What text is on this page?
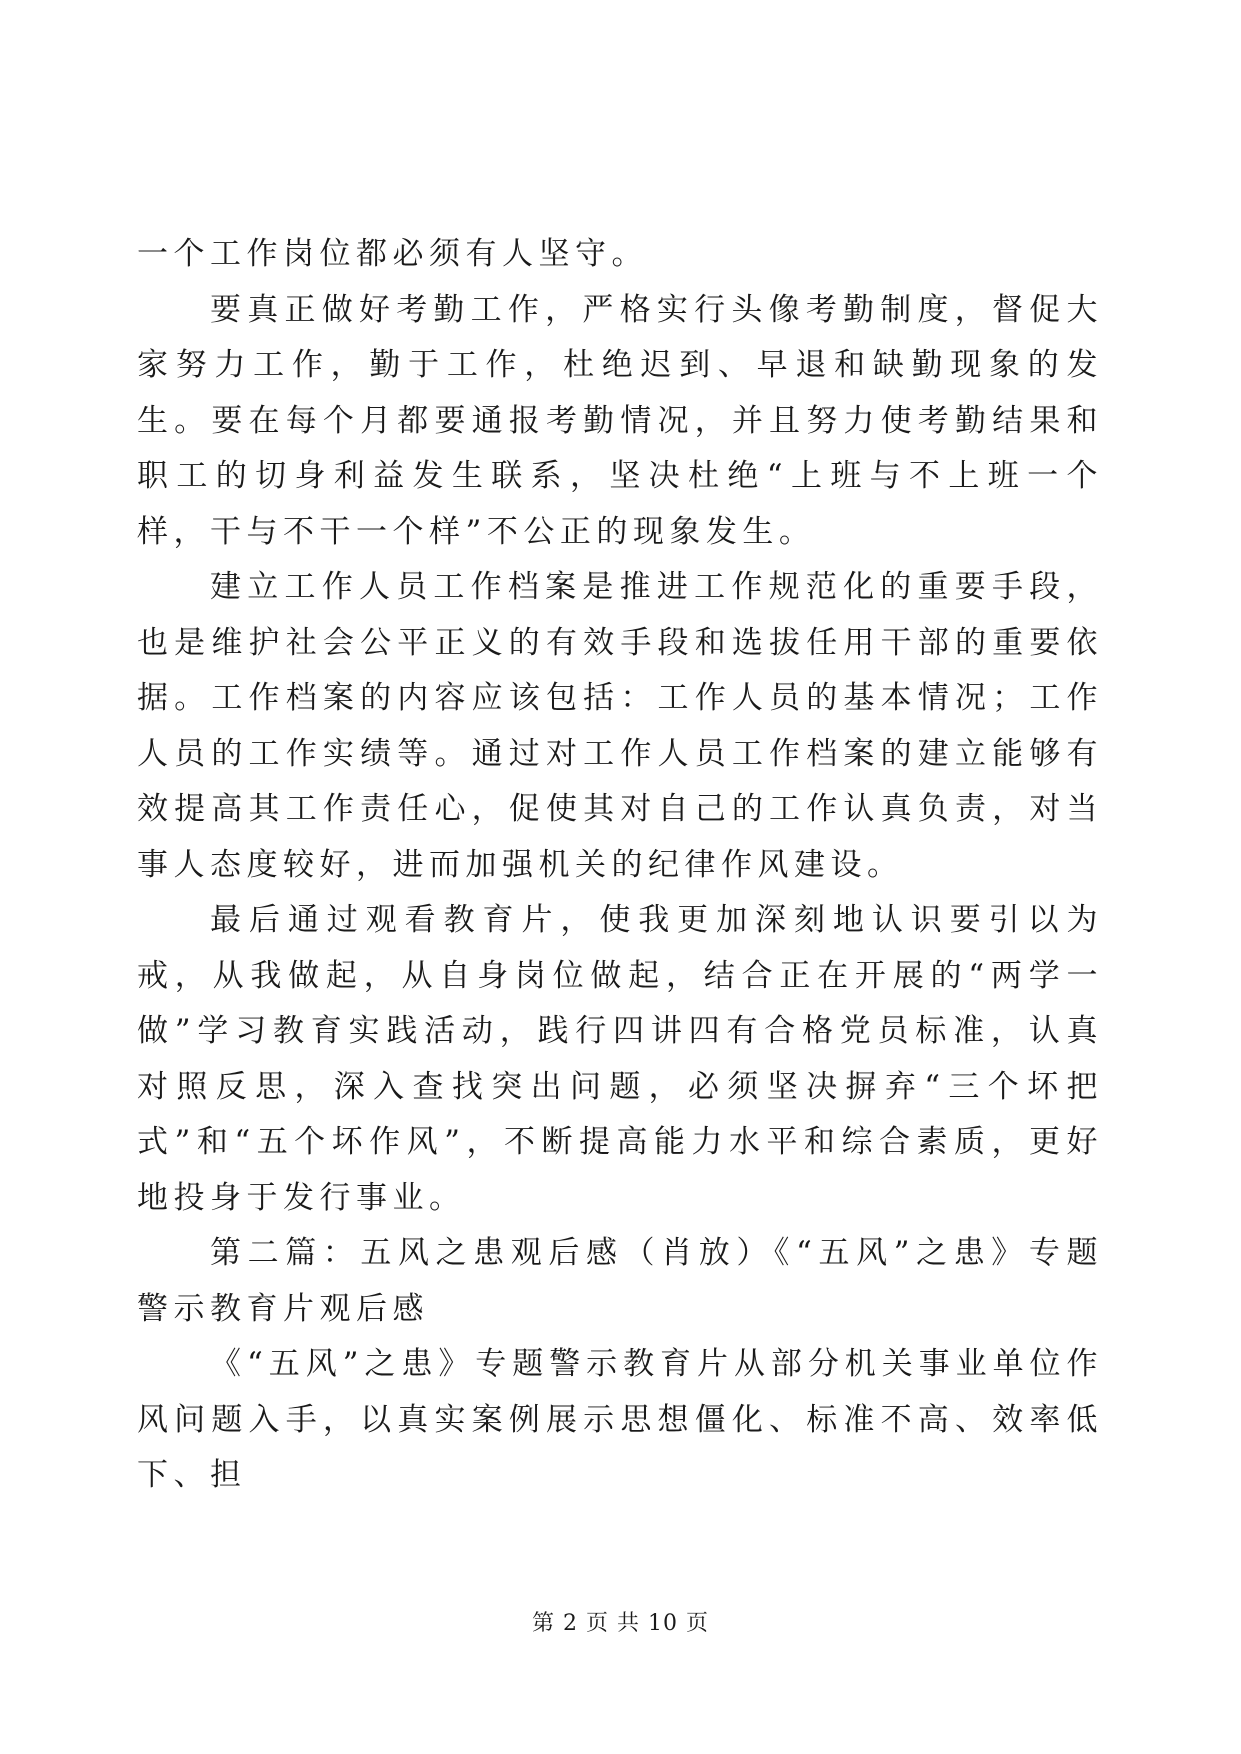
一个工作岗位都必须有人坚守。

要真正做好考勤工作，严格实行头像考勤制度，督促大家努力工作，勤于工作，杜绝迟到、早退和缺勤现象的发生。要在每个月都要通报考勤情况，并且努力使考勤结果和职工的切身利益发生联系，坚决杜绝“上班与不上班一个样，干与不干一个样”不公正的现象发生。

建立工作人员工作档案是推进工作规范化的重要手段，也是维护社会公平正义的有效手段和选拔任用干部的重要依据。工作档案的内容应该包括：工作人员的基本情况；工作人员的工作实绩等。通过对工作人员工作档案的建立能够有效提高其工作责任心，促使其对自己的工作认真负责，对当事人态度较好，进而加强机关的纪律作风建设。

最后通过观看教育片，使我更加深刻地认识要引以为戒，从我做起，从自身岗位做起，结合正在开展的“两学一做”学习教育实践活动，践行四讲四有合格党员标准，认真对照反思，深入查找突出问题，必须坚决摒弃“三个坏把式”和“五个坏作风”，不断提高能力水平和综合素质，更好地投身于发行事业。

第二篇：五风之患观后感（肖放）《“五风”之患》专题警示教育片观后感

《“五风”之患》专题警示教育片从部分机关事业单位作风问题入手，以真实案例展示思想僵化、标准不高、效率低下、担

第 2 页 共 10 页
